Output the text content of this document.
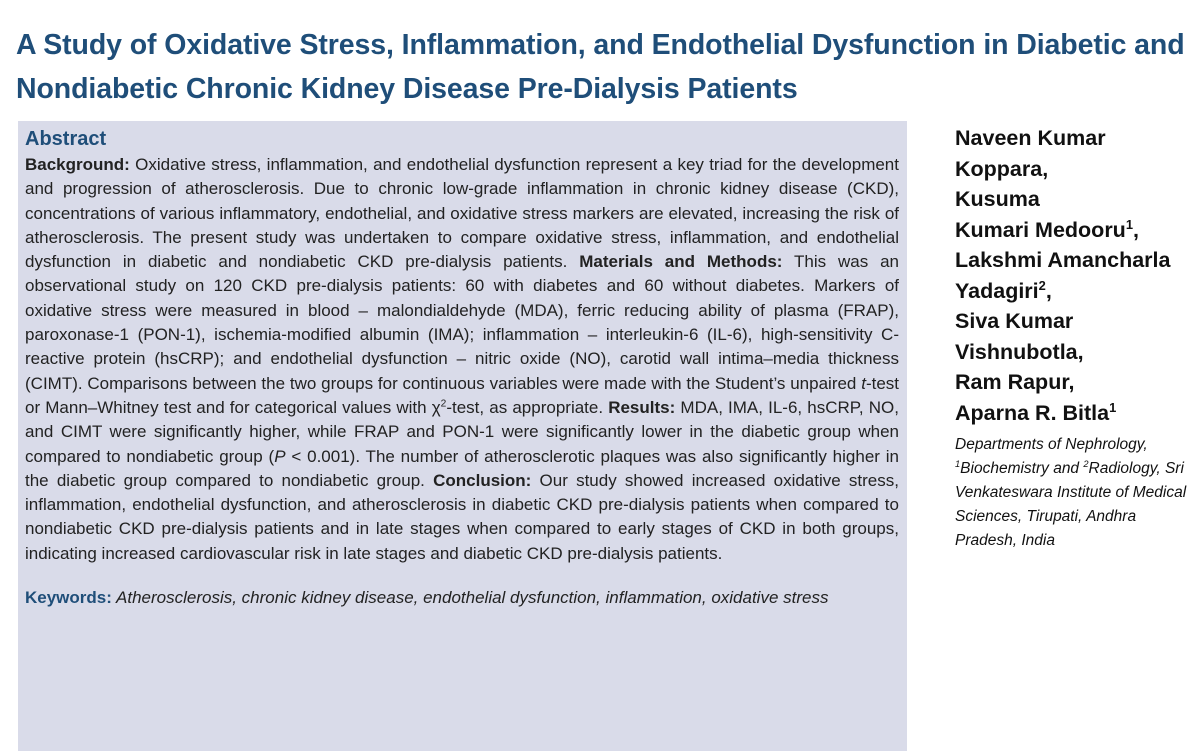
A Study of Oxidative Stress, Inflammation, and Endothelial Dysfunction in Diabetic and Nondiabetic Chronic Kidney Disease Pre-Dialysis Patients
Abstract

Background: Oxidative stress, inflammation, and endothelial dysfunction represent a key triad for the development and progression of atherosclerosis. Due to chronic low-grade inflammation in chronic kidney disease (CKD), concentrations of various inflammatory, endothelial, and oxidative stress markers are elevated, increasing the risk of atherosclerosis. The present study was undertaken to compare oxidative stress, inflammation, and endothelial dysfunction in diabetic and nondiabetic CKD pre-dialysis patients. Materials and Methods: This was an observational study on 120 CKD pre-dialysis patients: 60 with diabetes and 60 without diabetes. Markers of oxidative stress were measured in blood – malondialdehyde (MDA), ferric reducing ability of plasma (FRAP), paroxonase-1 (PON-1), ischemia-modified albumin (IMA); inflammation – interleukin-6 (IL-6), high-sensitivity C-reactive protein (hsCRP); and endothelial dysfunction – nitric oxide (NO), carotid wall intima–media thickness (CIMT). Comparisons between the two groups for continuous variables were made with the Student’s unpaired t-test or Mann–Whitney test and for categorical values with $\chi^2$-test, as appropriate. Results: MDA, IMA, IL-6, hsCRP, NO, and CIMT were significantly higher, while FRAP and PON-1 were significantly lower in the diabetic group when compared to nondiabetic group (P < 0.001). The number of atherosclerotic plaques was also significantly higher in the diabetic group compared to nondiabetic group. Conclusion: Our study showed increased oxidative stress, inflammation, endothelial dysfunction, and atherosclerosis in diabetic CKD pre-dialysis patients when compared to nondiabetic CKD pre-dialysis patients and in late stages when compared to early stages of CKD in both groups, indicating increased cardiovascular risk in late stages and diabetic CKD pre-dialysis patients.

Keywords: Atherosclerosis, chronic kidney disease, endothelial dysfunction, inflammation, oxidative stress
Naveen Kumar
Koppara,
Kusuma
Kumari Medooru$^1$,
Lakshmi Amancharla
Yadagiri$^2$,
Siva Kumar
Vishnubotla,
Ram Rapur,
Aparna R. Bitla$^1$
Departments of Nephrology,
$^1$Biochemistry and $^2$Radiology, Sri Venkateswara Institute of Medical Sciences, Tirupati, Andhra Pradesh, India
